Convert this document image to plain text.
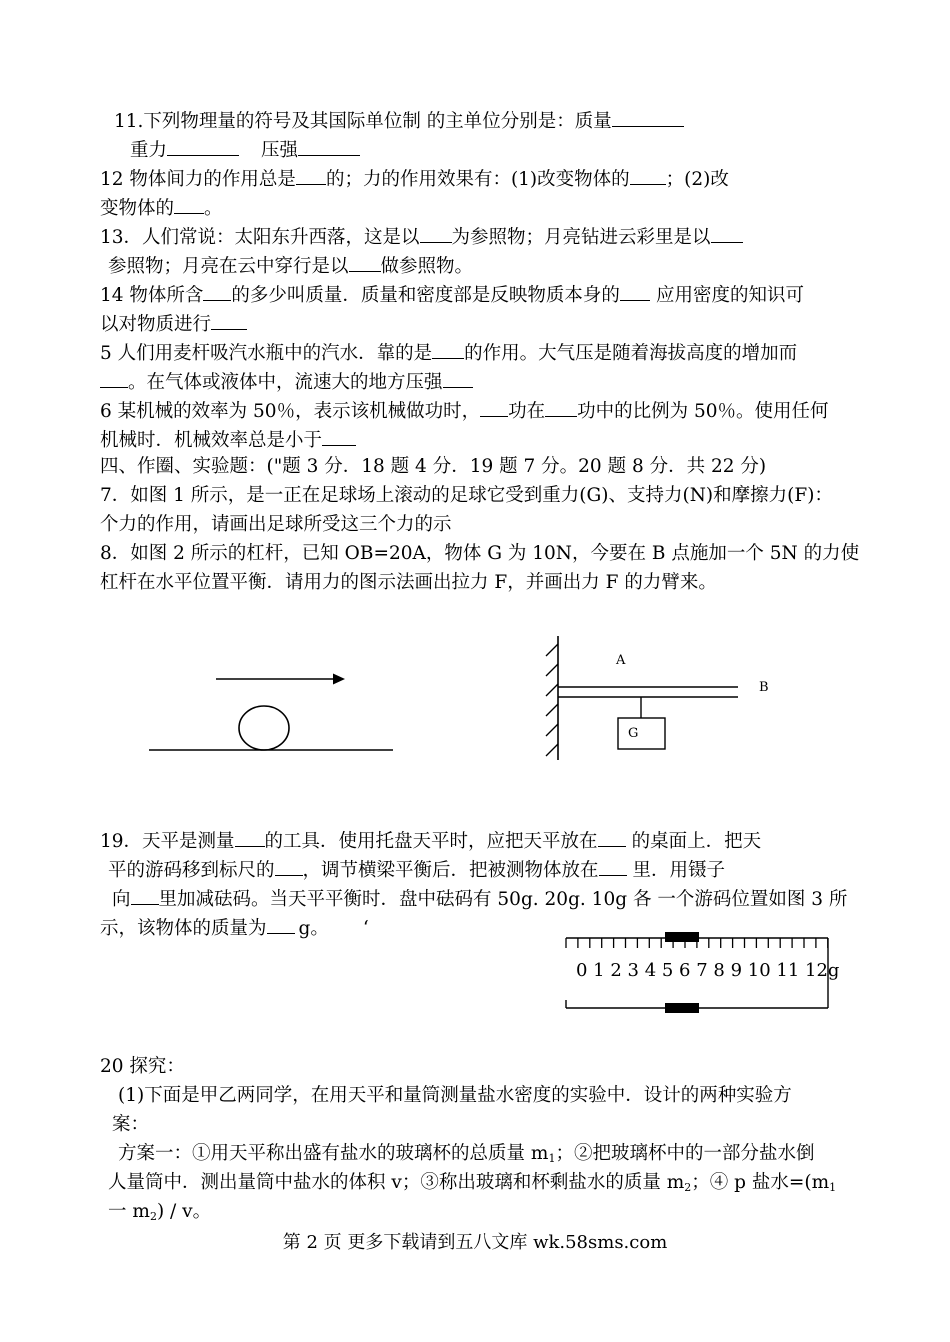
11.下列物理量的符号及其国际单位制 的主单位分别是：质量
重力	压强
12 物体间力的作用总是 的；力的作用效果有：(1)改变物体的 ；(2)改
变物体的 。
13．人们常说：太阳东升西落，这是以 为参照物；月亮钻进云彩里是以
参照物；月亮在云中穿行是以 做参照物。
14 物体所含 的多少叫质量．质量和密度部是反映物质本身的 应用密度的知识可
以对物质进行
5 人们用麦杆吸汽水瓶中的汽水．靠的是 的作用。大气压是随着海拔高度的增加而
。在气体或液体中，流速大的地方压强
6 某机械的效率为 50％，表示该机械做功时， 功在 功中的比例为 50％。使用任何
机械时．机械效率总是小于
四、作圈、实验题：("题 3 分．18 题 4 分．19 题 7 分。20 题 8 分．共 22 分)
7．如图 1 所示，是一正在足球场上滚动的足球它受到重力(G)、支持力(N)和摩擦力(F)：
个力的作用，请画出足球所受这三个力的示
8．如图 2 所示的杠杆，已知 OB=20A，物体 G 为 10N，今要在 B 点施加一个 5N 的力使
杠杆在水平位置平衡．请用力的图示法画出拉力 F，并画出力 F 的力臂来。
A
B
G
19．天平是测量 的工具．使用托盘天平时，应把天平放在 的桌面上．把天
平的游码移到标尺的 ，调节横梁平衡后．把被测物体放在 里．用镊子
向 里加减砝码。当天平平衡时．盘中砝码有 50g. 20g. 10g 各 一个游码位置如图 3 所
示，该物体的质量为 g。 ‘
0 1 2 3 4 5 6 7 8 9 10 11 12g
20 探究：
(1)下面是甲乙两同学，在用天平和量筒测量盐水密度的实验中．设计的两种实验方
案：
方案一：①用天平称出盛有盐水的玻璃杯的总质量 $m_1$；②把玻璃杯中的一部分盐水倒
人量筒中．测出量筒中盐水的体积 v；③称出玻璃和杯剩盐水的质量 $m_2$；④ p 盐水$=(m_1$
一 $m_2$) / v。
第 2 页 更多下载请到五八文库 wk.58sms.com
